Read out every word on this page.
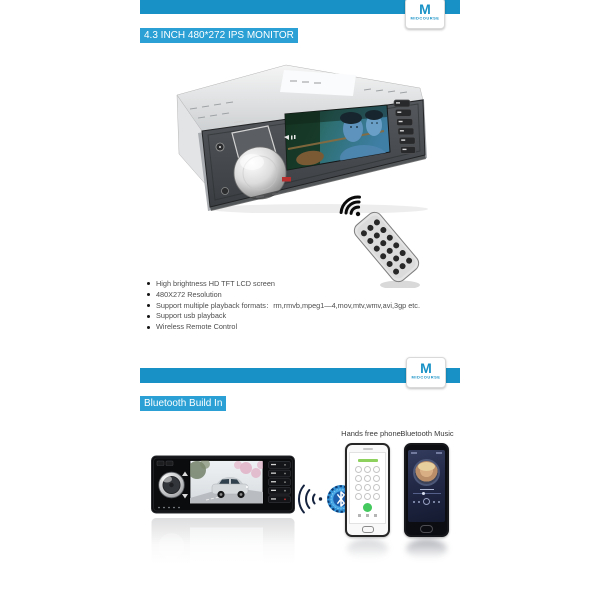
M
MIDCOURSE
4.3 INCH 480*272 IPS MONITOR
High brightness HD TFT LCD screen
480X272 Resolution
Support multiple playback formats：rm,rmvb,mpeg1—4,mov,mtv,wmv,avi,3gp etc.
Support usb playback
Wireless Remote Control
M
MIDCOURSE
Bluetooth Build In
Hands free phone Bluetooth Music
